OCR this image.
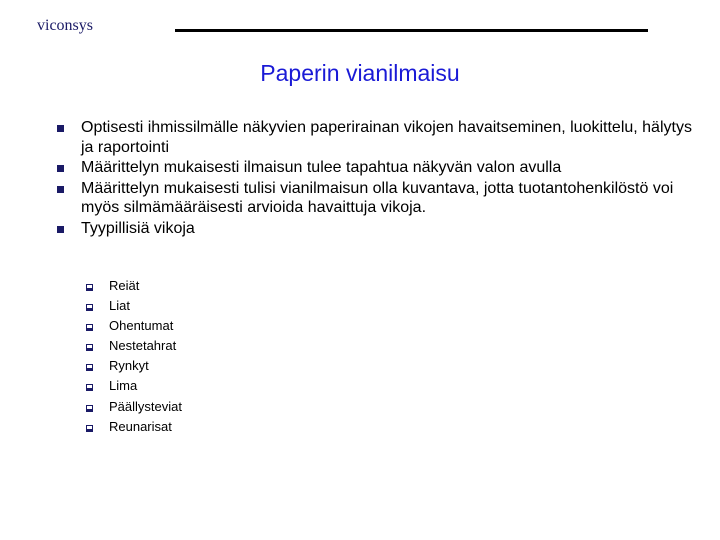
viconsys
Paperin vianilmaisu
Optisesti ihmissilmälle näkyvien paperirainan vikojen havaitseminen, luokittelu, hälytys ja raportointi
Määrittelyn mukaisesti ilmaisun tulee tapahtua näkyvän valon avulla
Määrittelyn mukaisesti tulisi vianilmaisun olla kuvantava, jotta tuotantohenkilöstö voi myös silmämääräisesti arvioida havaittuja vikoja.
Tyypillisiä vikoja
Reiät
Liat
Ohentumat
Nestetahrat
Rynkyt
Lima
Päällysteviat
Reunarisat
